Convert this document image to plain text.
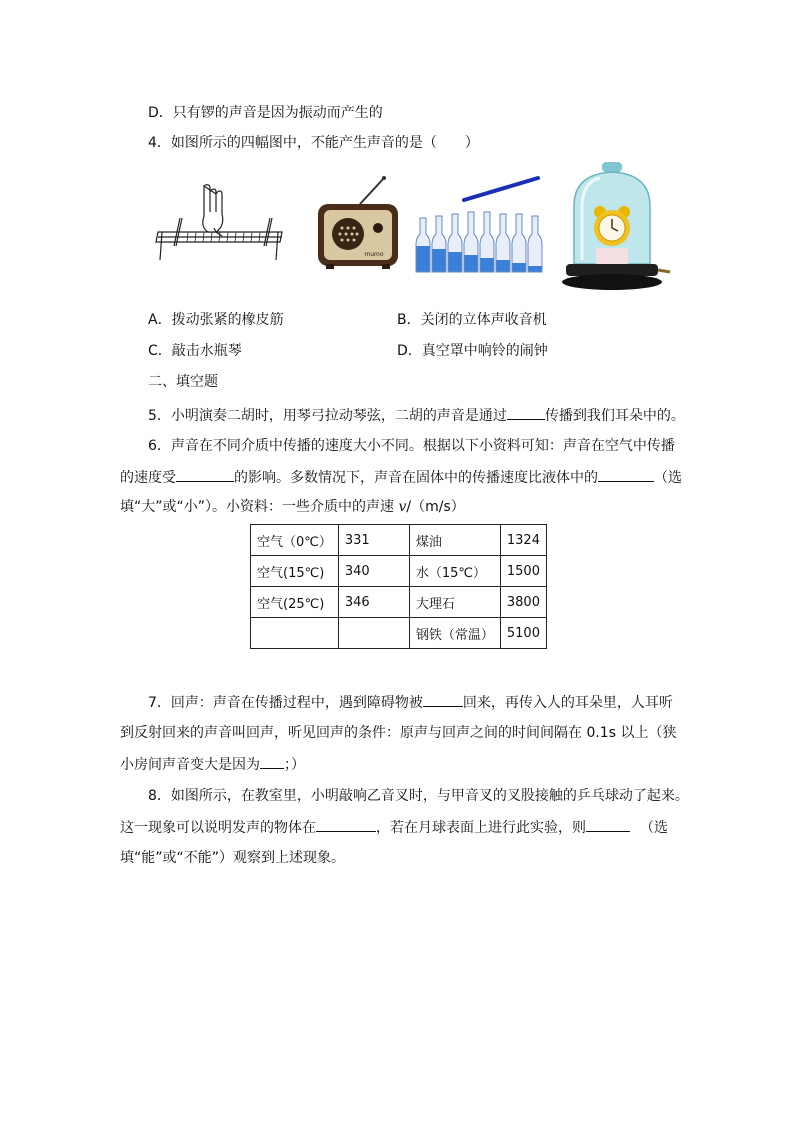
D．只有锣的声音是因为振动而产生的
4．如图所示的四幅图中，不能产生声音的是（　　）
mumo
A．拨动张紧的橡皮筋	B．关闭的立体声收音机
C．敲击水瓶琴	D．真空罩中响铃的闹钟
二、填空题
5．小明演奏二胡时，用琴弓拉动琴弦，二胡的声音是通过	传播到我们耳朵中的。
6．声音在不同介质中传播的速度大小不同。根据以下小资料可知：声音在空气中传播
的速度受	的影响。多数情况下，声音在固体中的传播速度比液体中的	（选
填“大”或“小”）。小资料：一些介质中的声速 v/（m/s）
空气（0℃）	331	煤油	1324
空气(15℃)	340	水（15℃）	1500
空气(25℃)	346	大理石	3800
		钢铁（常温）	5100
7．回声：声音在传播过程中，遇到障碍物被	回来，再传入人的耳朵里，人耳听
到反射回来的声音叫回声，听见回声的条件：原声与回声之间的时间间隔在 0.1s 以上（狭
小房间声音变大是因为 ；）
8．如图所示，在教室里，小明敲响乙音叉时，与甲音叉的叉股接触的乒乓球动了起来。
这一现象可以说明发声的物体在	，若在月球表面上进行此实验，则	（选
填“能”或“不能”）观察到上述现象。
